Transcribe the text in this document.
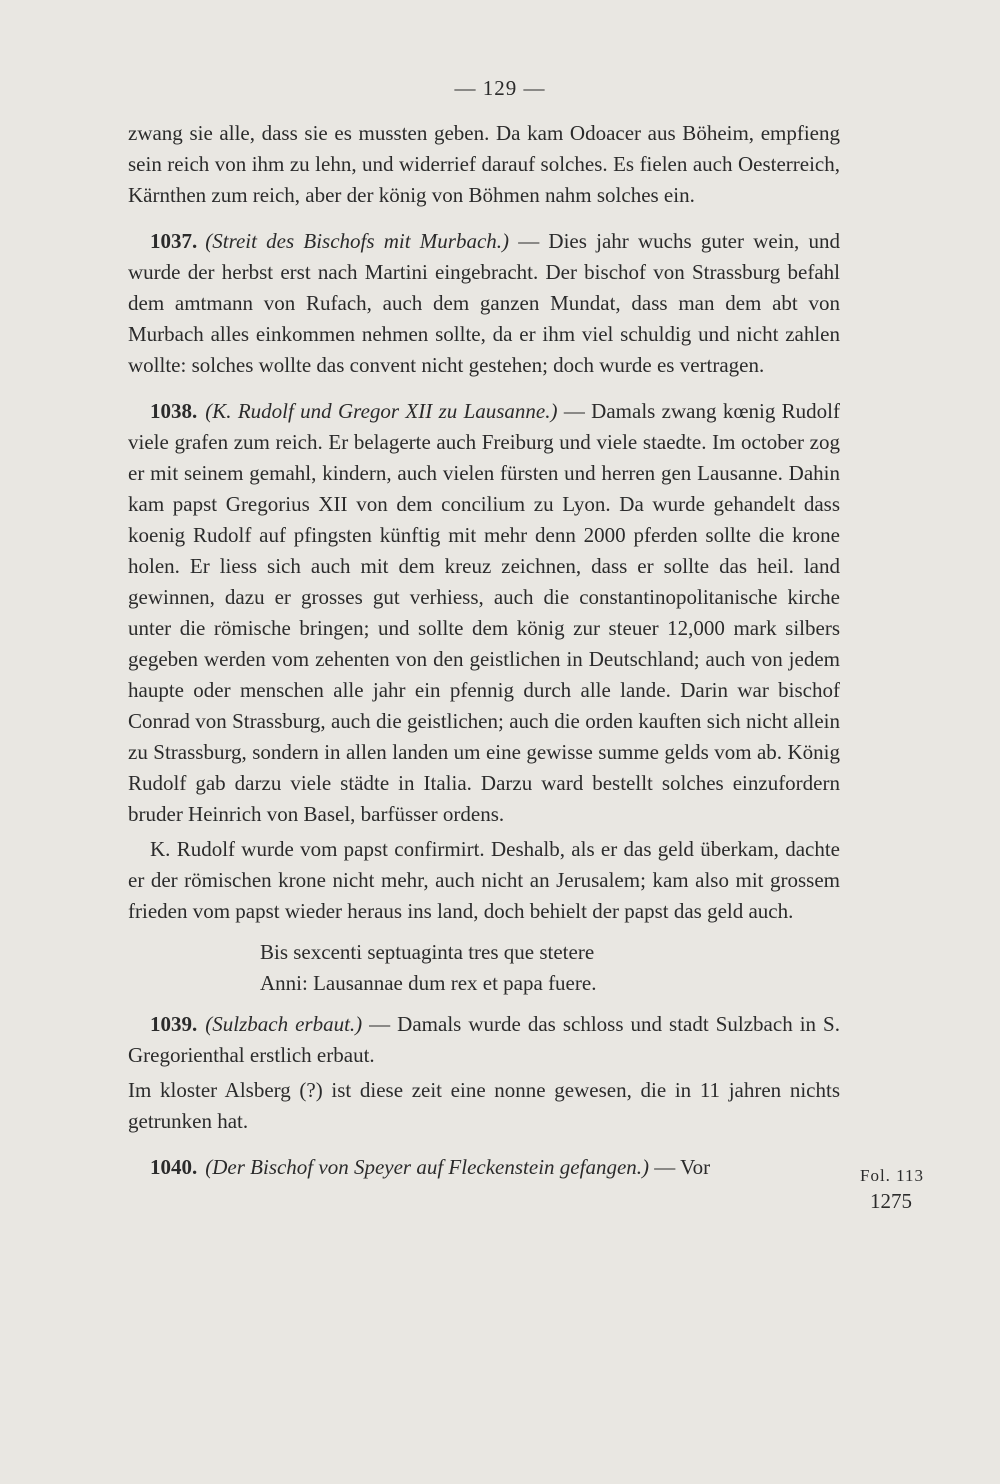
— 129 —
Fol. 113
1275

zwang sie alle, dass sie es mussten geben. Da kam Odoacer aus Böheim, empfieng sein reich von ihm zu lehn, und widerrief darauf solches. Es fielen auch Oesterreich, Kärnthen zum reich, aber der könig von Böhmen nahm solches ein.

1037. (Streit des Bischofs mit Murbach.) — Dies jahr wuchs guter wein, und wurde der herbst erst nach Martini eingebracht. Der bischof von Strassburg befahl dem amtmann von Rufach, auch dem ganzen Mundat, dass man dem abt von Murbach alles einkommen nehmen sollte, da er ihm viel schuldig und nicht zahlen wollte: solches wollte das convent nicht gestehen; doch wurde es vertragen.

1038. (K. Rudolf und Gregor XII zu Lausanne.) — Damals zwang kœnig Rudolf viele grafen zum reich. Er belagerte auch Freiburg und viele staedte. Im october zog er mit seinem gemahl, kindern, auch vielen fürsten und herren gen Lausanne. Dahin kam papst Gregorius XII von dem concilium zu Lyon. Da wurde gehandelt dass koenig Rudolf auf pfingsten künftig mit mehr denn 2000 pferden sollte die krone holen. Er liess sich auch mit dem kreuz zeichnen, dass er sollte das heil. land gewinnen, dazu er grosses gut verhiess, auch die constantinopolitanische kirche unter die römische bringen; und sollte dem könig zur steuer 12,000 mark silbers gegeben werden vom zehenten von den geistlichen in Deutschland; auch von jedem haupte oder menschen alle jahr ein pfennig durch alle lande. Darin war bischof Conrad von Strassburg, auch die geistlichen; auch die orden kauften sich nicht allein zu Strassburg, sondern in allen landen um eine gewisse summe gelds vom ab. König Rudolf gab darzu viele städte in Italia. Darzu ward bestellt solches einzufordern bruder Heinrich von Basel, barfüsser ordens.

K. Rudolf wurde vom papst confirmirt. Deshalb, als er das geld überkam, dachte er der römischen krone nicht mehr, auch nicht an Jerusalem; kam also mit grossem frieden vom papst wieder heraus ins land, doch behielt der papst das geld auch.

Bis sexcenti septuaginta tres que stetere
Anni: Lausannae dum rex et papa fuere.

1039. (Sulzbach erbaut.) — Damals wurde das schloss und stadt Sulzbach in S. Gregorienthal erstlich erbaut.

Im kloster Alsberg (?) ist diese zeit eine nonne gewesen, die in 11 jahren nichts getrunken hat.

1040. (Der Bischof von Speyer auf Fleckenstein gefangen.) — Vor
